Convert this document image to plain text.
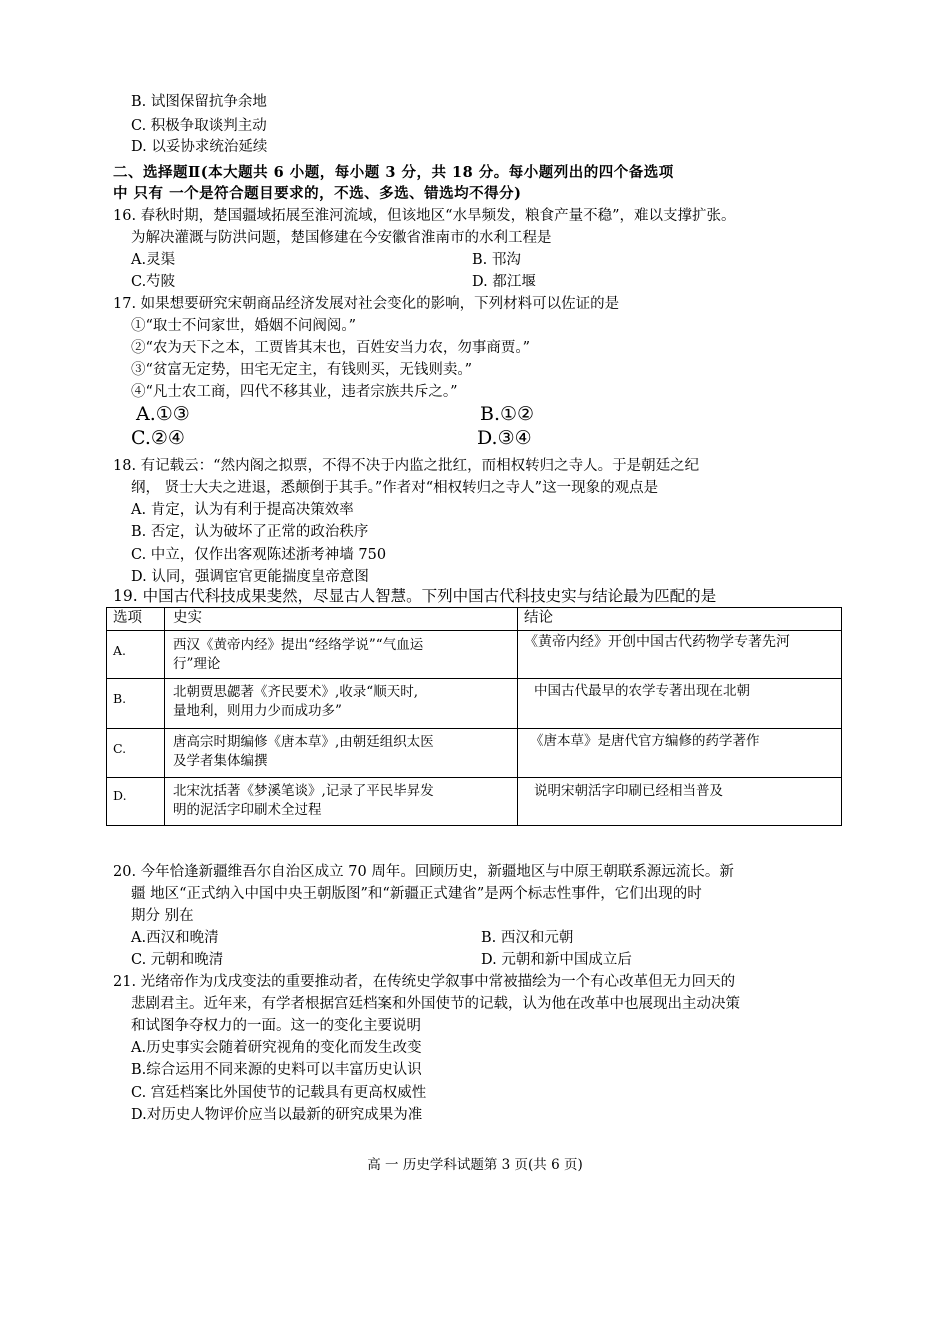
B. 试图保留抗争余地
C. 积极争取谈判主动
D. 以妥协求统治延续
二、选择题Ⅱ(本大题共 6 小题，每小题 3 分，共 18 分。每小题列出的四个备选项
中 只有 一个是符合题目要求的，不选、多选、错选均不得分)
16. 春秋时期，楚国疆域拓展至淮河流域，但该地区“水旱频发，粮食产量不稳”，难以支撑扩张。
为解决灌溉与防洪问题，楚国修建在今安徽省淮南市的水利工程是
A.灵渠	B. 邗沟
C.芍陂	D. 都江堰
17. 如果想要研究宋朝商品经济发展对社会变化的影响，下列材料可以佐证的是
①“取士不问家世，婚姻不问阀阅。”
②“农为天下之本，工贾皆其末也，百姓安当力农，勿事商贾。”
③“贫富无定势，田宅无定主，有钱则买，无钱则卖。”
④“凡士农工商，四代不移其业，违者宗族共斥之。”
A.①③	B.①②
C.②④	D.③④
18. 有记载云：“然内阁之拟票，不得不决于内监之批红，而相权转归之寺人。于是朝廷之纪
纲， 贤士大夫之进退，悉颠倒于其手。”作者对“相权转归之寺人”这一现象的观点是
A. 肯定，认为有利于提高决策效率
B. 否定，认为破坏了正常的政治秩序
C. 中立，仅作出客观陈述浙考神墙 750
D. 认同，强调宦官更能揣度皇帝意图
19. 中国古代科技成果斐然，尽显古人智慧。下列中国古代科技史实与结论最为匹配的是
选项	史实	结论
A.	西汉《黄帝内经》提出“经络学说”“气血运
行”理论	《黄帝内经》开创中国古代药物学专著先河
B.	北朝贾思勰著《齐民要术》,收录“顺天时,
量地利，则用力少而成功多”	中国古代最早的农学专著出现在北朝
C.	唐高宗时期编修《唐本草》,由朝廷组织太医
及学者集体编撰	《唐本草》是唐代官方编修的药学著作
D.	北宋沈括著《梦溪笔谈》,记录了平民毕昇发
明的泥活字印刷术全过程	说明宋朝活字印刷已经相当普及
20. 今年恰逢新疆维吾尔自治区成立 70 周年。回顾历史，新疆地区与中原王朝联系源远流长。新
疆 地区“正式纳入中国中央王朝版图”和“新疆正式建省”是两个标志性事件，它们出现的时
期分 别在
A.西汉和晚清	B. 西汉和元朝
C. 元朝和晚清	D. 元朝和新中国成立后
21. 光绪帝作为戊戌变法的重要推动者，在传统史学叙事中常被描绘为一个有心改革但无力回天的
悲剧君主。近年来，有学者根据宫廷档案和外国使节的记载，认为他在改革中也展现出主动决策
和试图争夺权力的一面。这一的变化主要说明
A.历史事实会随着研究视角的变化而发生改变
B.综合运用不同来源的史料可以丰富历史认识
C. 宫廷档案比外国使节的记载具有更高权威性
D.对历史人物评价应当以最新的研究成果为准
高 一 历史学科试题第 3 页(共 6 页)
